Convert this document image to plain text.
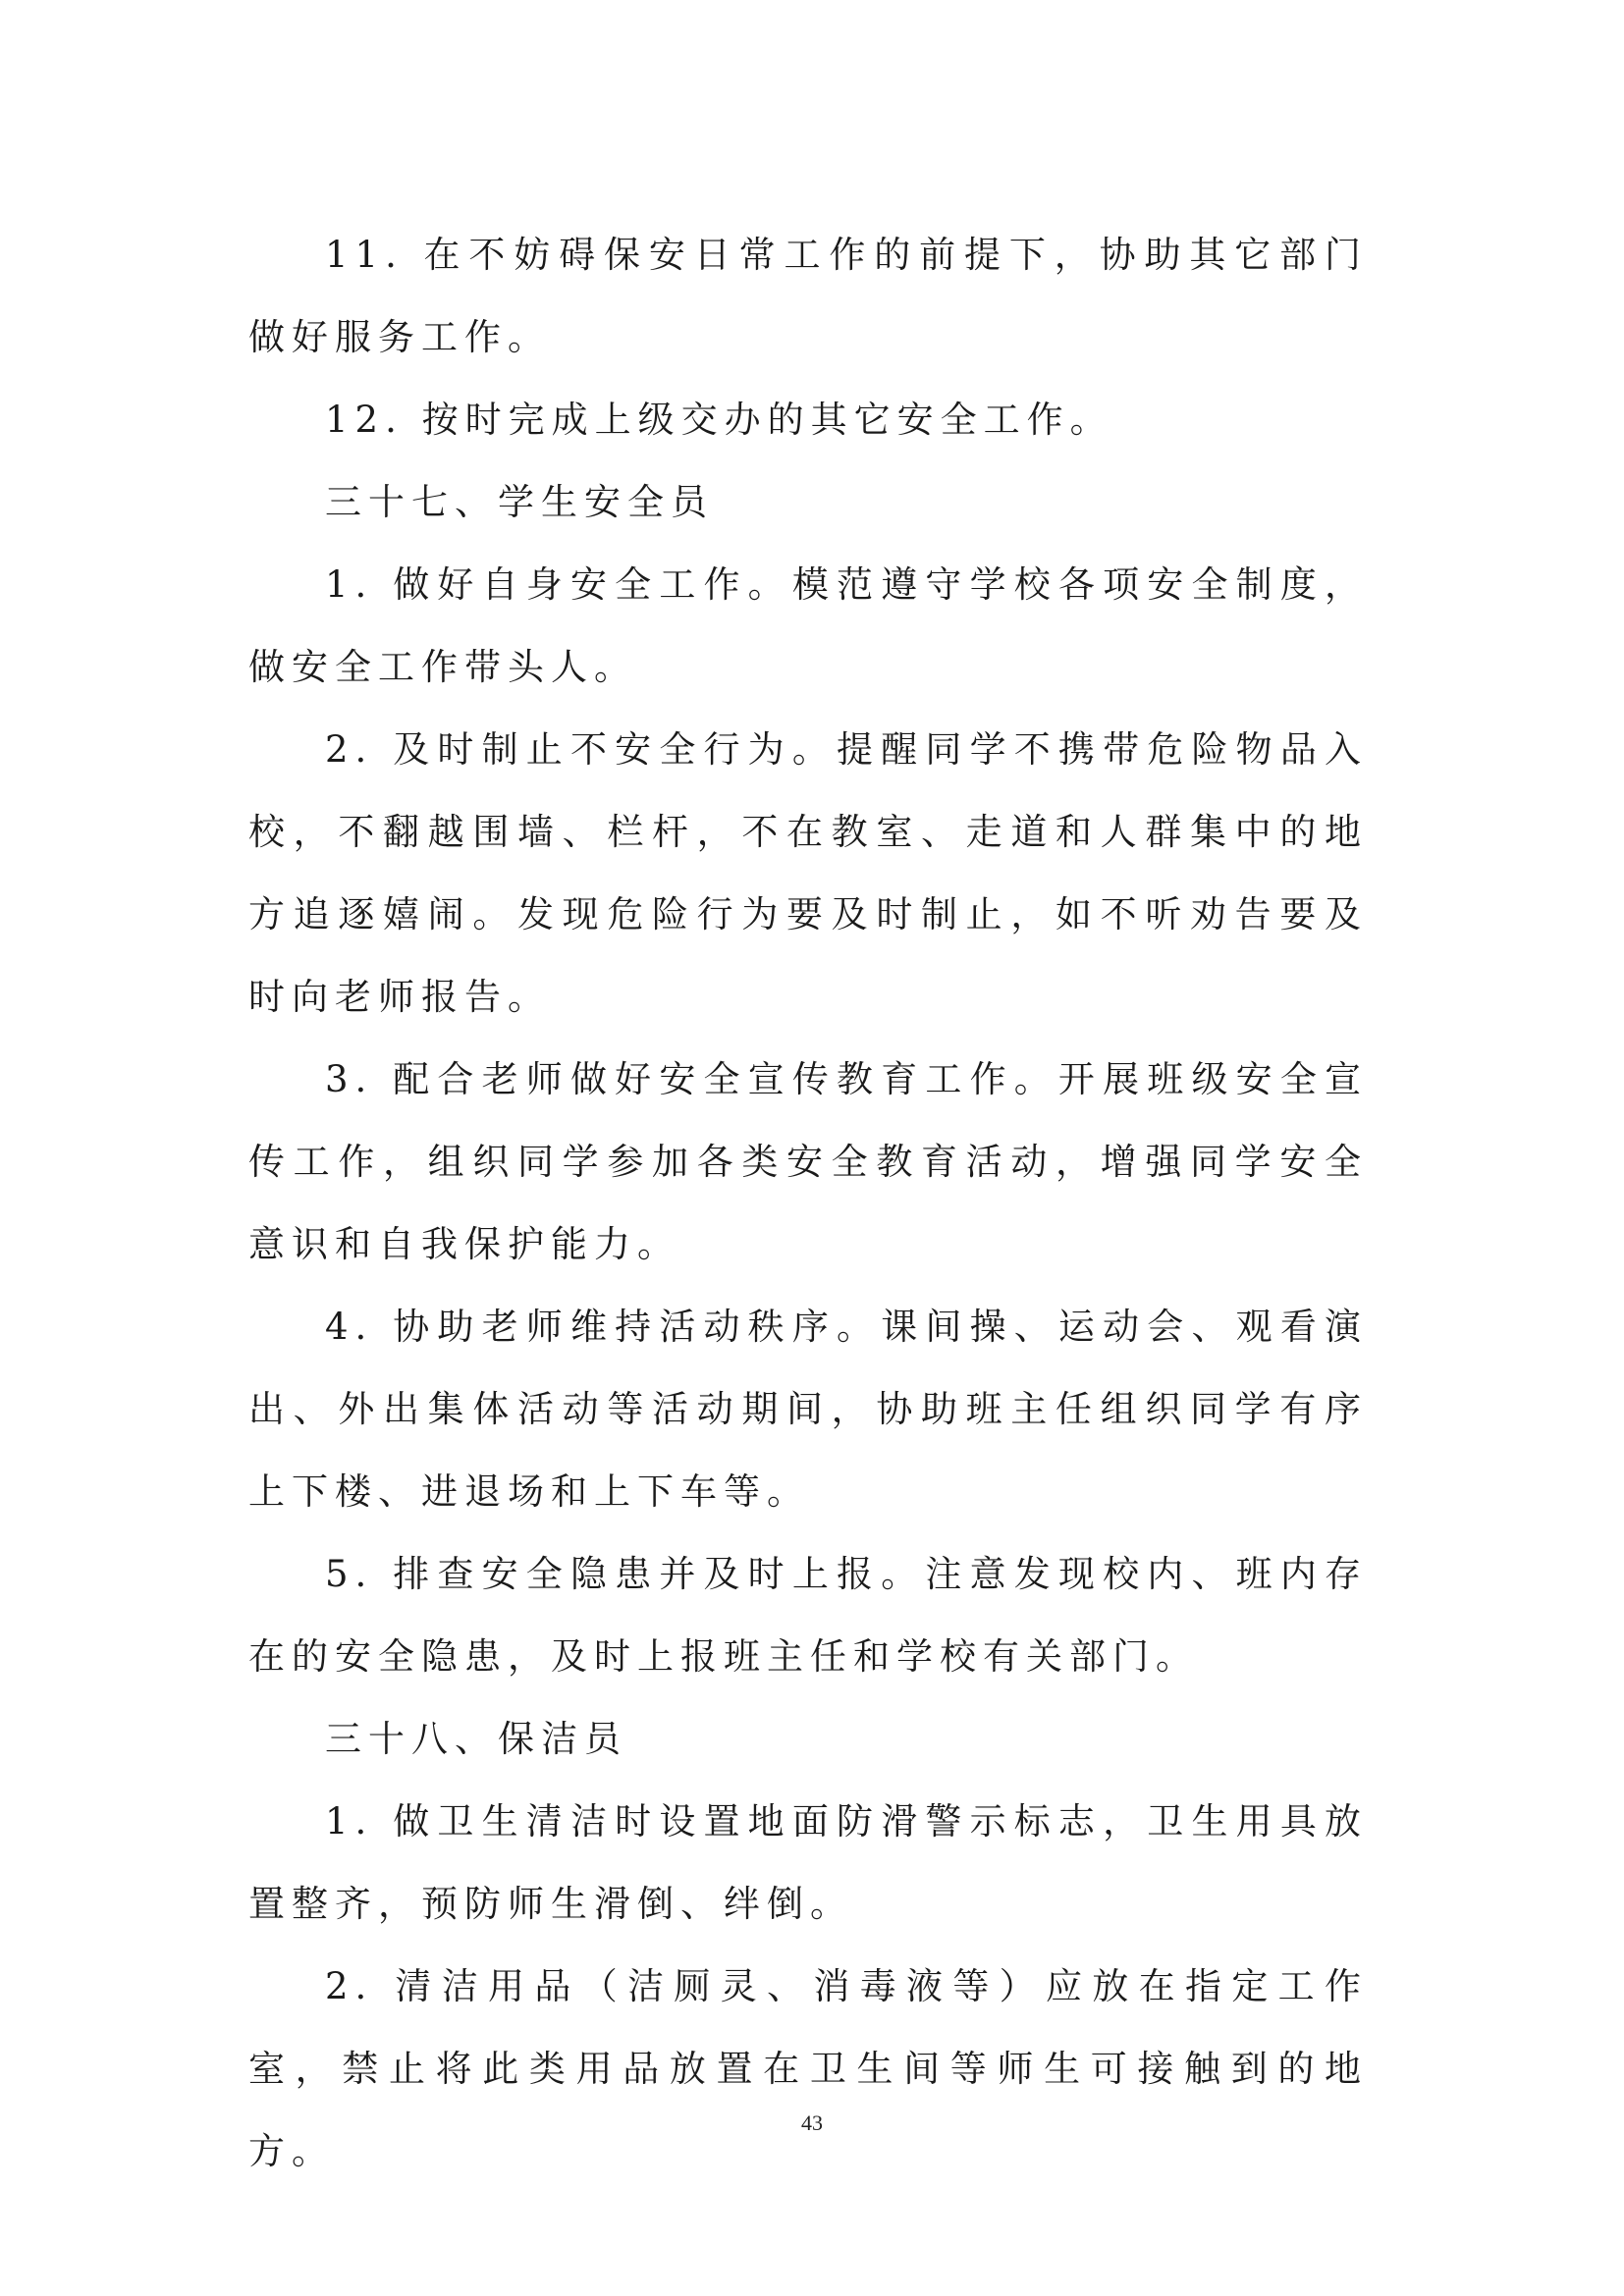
11. 在不妨碍保安日常工作的前提下，协助其它部门做好服务工作。

12. 按时完成上级交办的其它安全工作。

三十七、学生安全员

1. 做好自身安全工作。模范遵守学校各项安全制度，做安全工作带头人。

2. 及时制止不安全行为。提醒同学不携带危险物品入校，不翻越围墙、栏杆，不在教室、走道和人群集中的地方追逐嬉闹。发现危险行为要及时制止，如不听劝告要及时向老师报告。

3. 配合老师做好安全宣传教育工作。开展班级安全宣传工作，组织同学参加各类安全教育活动，增强同学安全意识和自我保护能力。

4. 协助老师维持活动秩序。课间操、运动会、观看演出、外出集体活动等活动期间，协助班主任组织同学有序上下楼、进退场和上下车等。

5. 排查安全隐患并及时上报。注意发现校内、班内存在的安全隐患，及时上报班主任和学校有关部门。

三十八、保洁员

1. 做卫生清洁时设置地面防滑警示标志，卫生用具放置整齐，预防师生滑倒、绊倒。

2. 清洁用品（洁厕灵、消毒液等）应放在指定工作室，禁止将此类用品放置在卫生间等师生可接触到的地方。

43
